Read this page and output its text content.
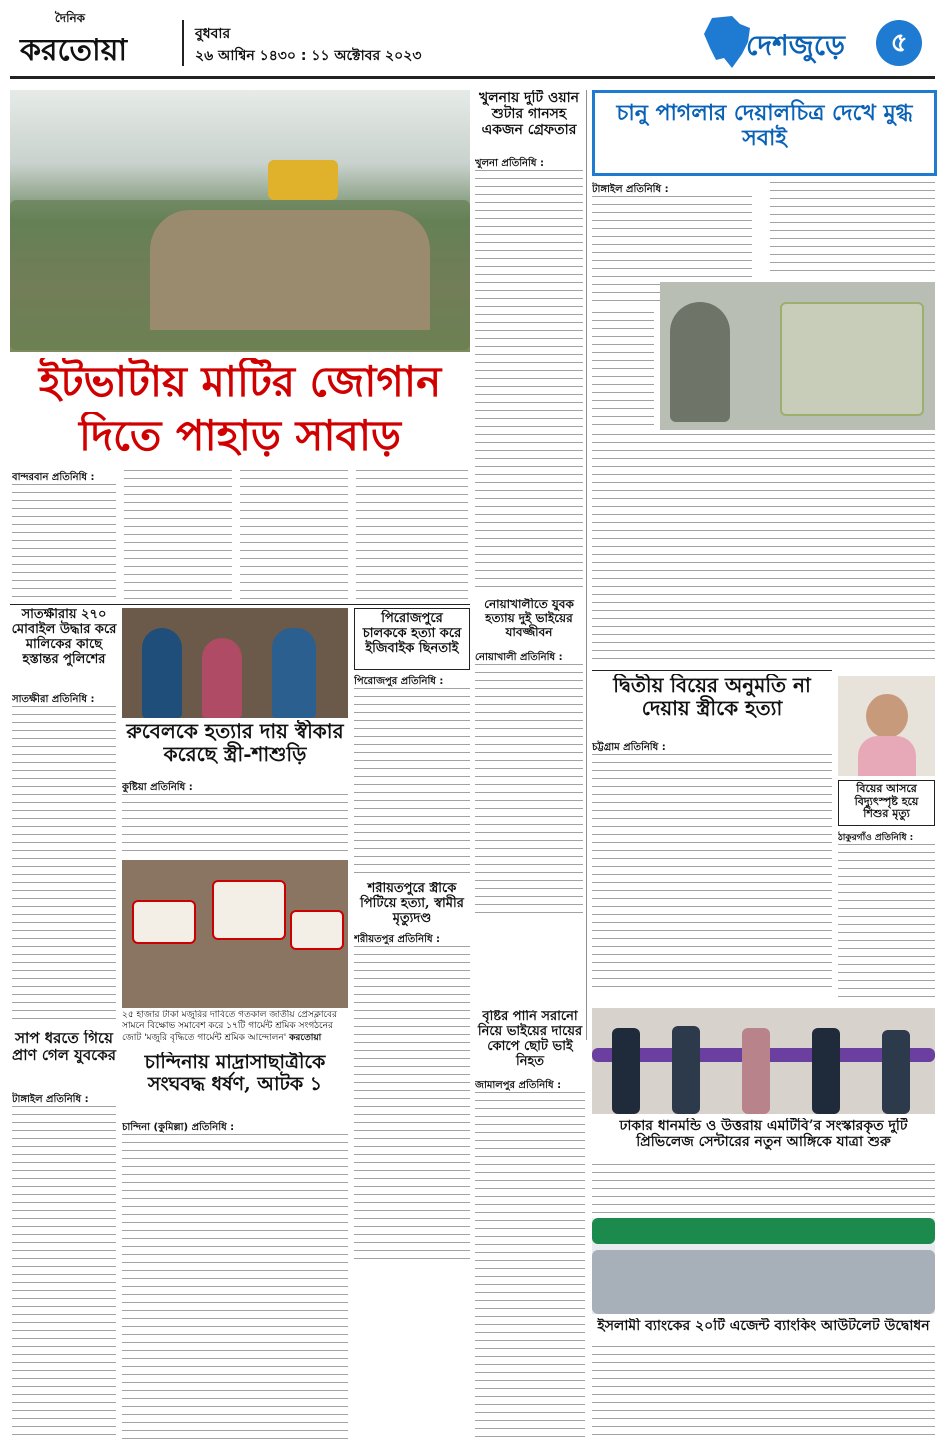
দৈনিক
করতোয়া	বুধবার
২৬ আশ্বিন ১৪৩০ : ১১ অক্টোবর ২০২৩	দেশজুড়ে	৫
খুলনায় দুটি ওয়ান শুটার গানসহ একজন গ্রেফতার
খুলনা প্রতিনিধি :
চানু পাগলার দেয়ালচিত্র দেখে মুগ্ধ সবাই
টাঙ্গাইল প্রতিনিধি :
ইটভাটায় মাটির জোগান
দিতে পাহাড় সাবাড়
বান্দরবান প্রতিনিধি :
নোয়াখালীতে যুবক হত্যায় দুই ভাইয়ের যাবজ্জীবন
নোয়াখালী প্রতিনিধি :
সাতক্ষীরায় ২৭০ মোবাইল উদ্ধার করে মালিকের কাছে হস্তান্তর পুলিশের
সাতক্ষীরা প্রতিনিধি :
রুবেলকে হত্যার দায় স্বীকার করেছে স্ত্রী-শাশুড়ি
কুষ্টিয়া প্রতিনিধি :
পিরোজপুরে চালককে হত্যা করে ইজিবাইক ছিনতাই
পিরোজপুর প্রতিনিধি :	দ্বিতীয় বিয়ের অনুমতি না দেয়ায় স্ত্রীকে হত্যা
চট্টগ্রাম প্রতিনিধি :
বিয়ের আসরে বিদ্যুৎস্পৃষ্ট হয়ে শিশুর মৃত্যু
ঠাকুরগাঁও প্রতিনিধি :
শরীয়তপুরে স্ত্রীকে পিটিয়ে হত্যা, স্বামীর মৃত্যুদণ্ড
শরীয়তপুর প্রতিনিধি :
বৃষ্টির পানি সরানো নিয়ে ভাইয়ের দায়ের কোপে ছোট ভাই নিহত
জামালপুর প্রতিনিধি :
সাপ ধরতে গিয়ে প্রাণ গেল যুবকের
টাঙ্গাইল প্রতিনিধি :
২৫ হাজার টাকা মজুরির দাবিতে গতকাল জাতীয় প্রেসক্লাবের সামনে বিক্ষোভ সমাবেশ করে ১৭টি গার্মেন্ট শ্রমিক সংগঠনের জোট 'মজুরি বৃদ্ধিতে গার্মেন্ট শ্রমিক আন্দোলন' করতোয়া
চান্দিনায় মাদ্রাসাছাত্রীকে সংঘবদ্ধ ধর্ষণ, আটক ১
চান্দিনা (কুমিল্লা) প্রতিনিধি :	ঢাকার ধানমন্ডি ও উত্তরায় এমটিবি’র সংস্কারকৃত দুটি প্রিভিলেজ সেন্টারের নতুন আঙ্গিকে যাত্রা শুরু
ইসলামী ব্যাংকের ২০টি এজেন্ট ব্যাংকিং আউটলেট উদ্বোধন
